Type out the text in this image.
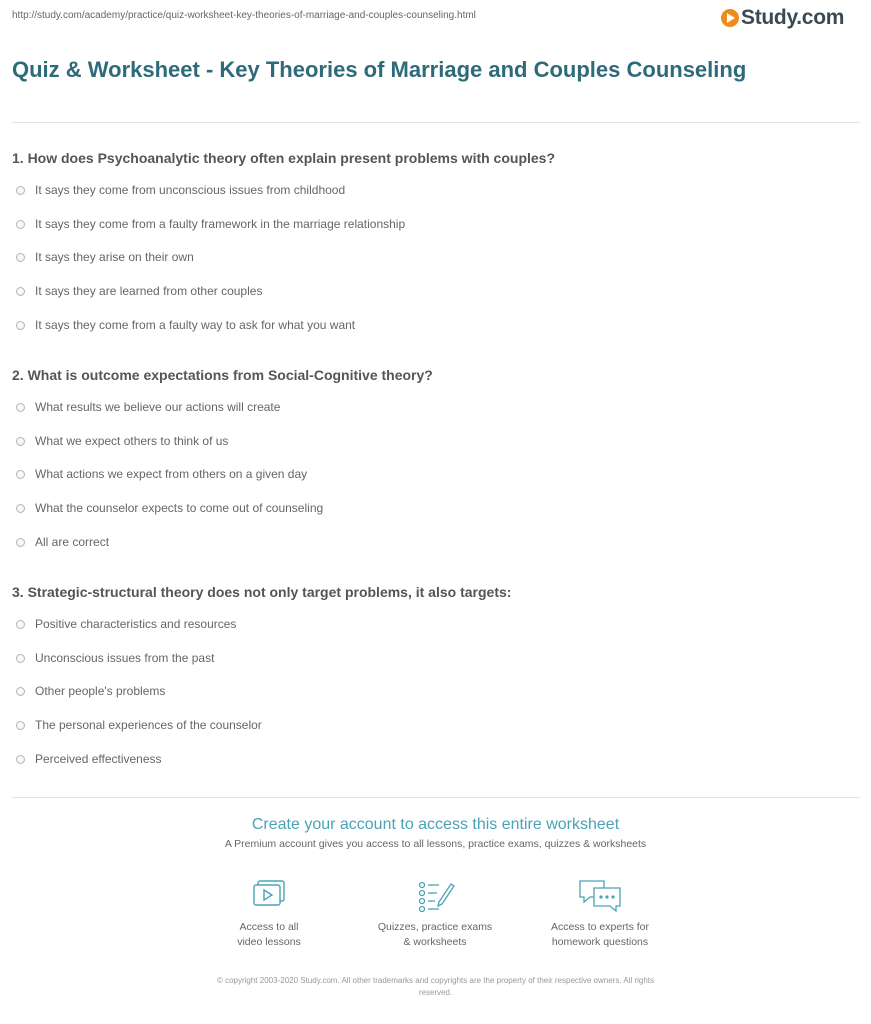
http://study.com/academy/practice/quiz-worksheet-key-theories-of-marriage-and-couples-counseling.html	Study.com
Quiz & Worksheet - Key Theories of Marriage and Couples Counseling
1. How does Psychoanalytic theory often explain present problems with couples?
It says they come from unconscious issues from childhood
It says they come from a faulty framework in the marriage relationship
It says they arise on their own
It says they are learned from other couples
It says they come from a faulty way to ask for what you want
2. What is outcome expectations from Social-Cognitive theory?
What results we believe our actions will create
What we expect others to think of us
What actions we expect from others on a given day
What the counselor expects to come out of counseling
All are correct
3. Strategic-structural theory does not only target problems, it also targets:
Positive characteristics and resources
Unconscious issues from the past
Other people's problems
The personal experiences of the counselor
Perceived effectiveness
Create your account to access this entire worksheet
A Premium account gives you access to all lessons, practice exams, quizzes & worksheets
Access to all
video lessons
Quizzes, practice exams
& worksheets
Access to experts for
homework questions
© copyright 2003-2020 Study.com. All other trademarks and copyrights are the property of their respective owners. All rights
reserved.
